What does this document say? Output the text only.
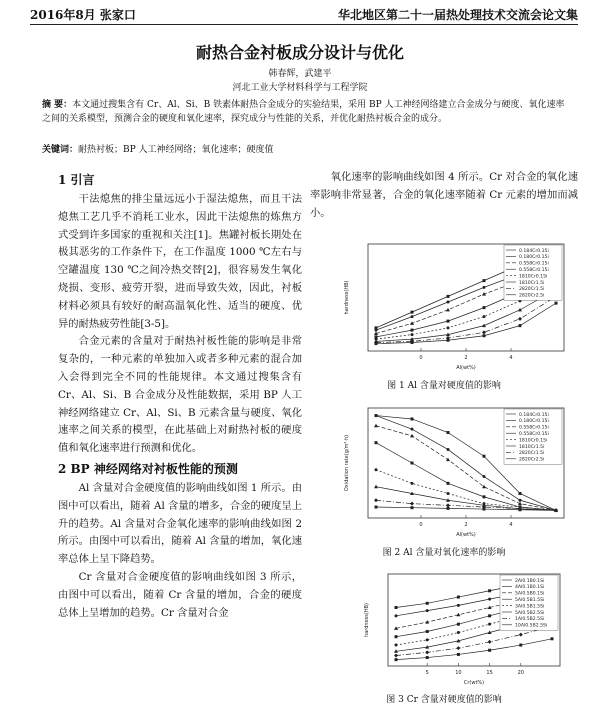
2016年8月 张家口	华北地区第二十一届热处理技术交流会论文集
耐热合金衬板成分设计与优化
韩春辉，武建平
河北工业大学材料科学与工程学院
摘 要：本文通过搜集含有 Cr、Al、Si、B 铁素体耐热合金成分的实验结果，采用 BP 人工神经网络建立合金成分与硬度、氧化速率之间的关系模型，预测合金的硬度和氧化速率，探究成分与性能的关系，并优化耐热衬板合金的成分。
关键词：耐热衬板；BP 人工神经网络；氧化速率；硬度值
1 引言

干法熄焦的排尘量远远小于湿法熄焦，而且干法熄焦工艺几乎不消耗工业水，因此干法熄焦的炼焦方式受到许多国家的重视和关注[1]。焦罐衬板长期处在极其恶劣的工作条件下，在工作温度 1000 ℃左右与空罐温度 130 ℃之间冷热交替[2]，很容易发生氧化烧损、变形、疲劳开裂，进而导致失效，因此，衬板材料必须具有较好的耐高温氧化性、适当的硬度、优异的耐热疲劳性能[3-5]。

合金元素的含量对于耐热衬板性能的影响是非常复杂的，一种元素的单独加入或者多种元素的混合加入会得到完全不同的性能规律。本文通过搜集含有 Cr、Al、Si、B 合金成分及性能数据，采用 BP 人工神经网络建立 Cr、Al、Si、B 元素含量与硬度、氧化速率之间关系的模型，在此基础上对耐热衬板的硬度值和氧化速率进行预测和优化。

2 BP 神经网络对衬板性能的预测

Al 含量对合金硬度值的影响曲线如图 1 所示。由图中可以看出，随着 Al 含量的增多，合金的硬度呈上升的趋势。Al 含量对合金氧化速率的影响曲线如图 2 所示。由图中可以看出，随着 Al 含量的增加，氧化速率总体上呈下降趋势。

Cr 含量对合金硬度值的影响曲线如图 3 所示，由图中可以看出，随着 Cr 含量的增加，合金的硬度总体上呈增加的趋势。Cr 含量对合金

氧化速率的影响曲线如图 4 所示。Cr 对合金的氧化速率影响非常显著，合金的氧化速率随着 Cr 元素的增加而减小。

0	2	4
Al(wt%)
hardness(HB)
0.184Cr0.15i
0.180Cr0.15i
0.558Cr0.15i
0.558Cr0.15i
1810Cr0.15i
1810Cr1.5i
2820Cr1.5i
2820Cr2.5i
图 1 Al 含量对硬度值的影响
0	2	4
Al(wt%)
Oxidation rate(g/m²·h)
0.184Cr0.15i
0.180Cr0.15i
0.558Cr0.15i
0.558Cr0.15i
1810Cr0.15i
1810Cr1.5i
2820Cr1.5i
2820Cr2.5i
图 2 Al 含量对氧化速率的影响
5	10	15	20
Cr(wt%)
hardness(HB)
2Al0.1B0.1Si
4Al0.1B0.1Si
5Al0.5B0.1Si
5Al0.5B1.5Si
3Al0.5B1.5Si
5Al0.5B2.5Si
1Al0.5B2.5Si
10Al0.5B2.5Si
图 3 Cr 含量对硬度值的影响
